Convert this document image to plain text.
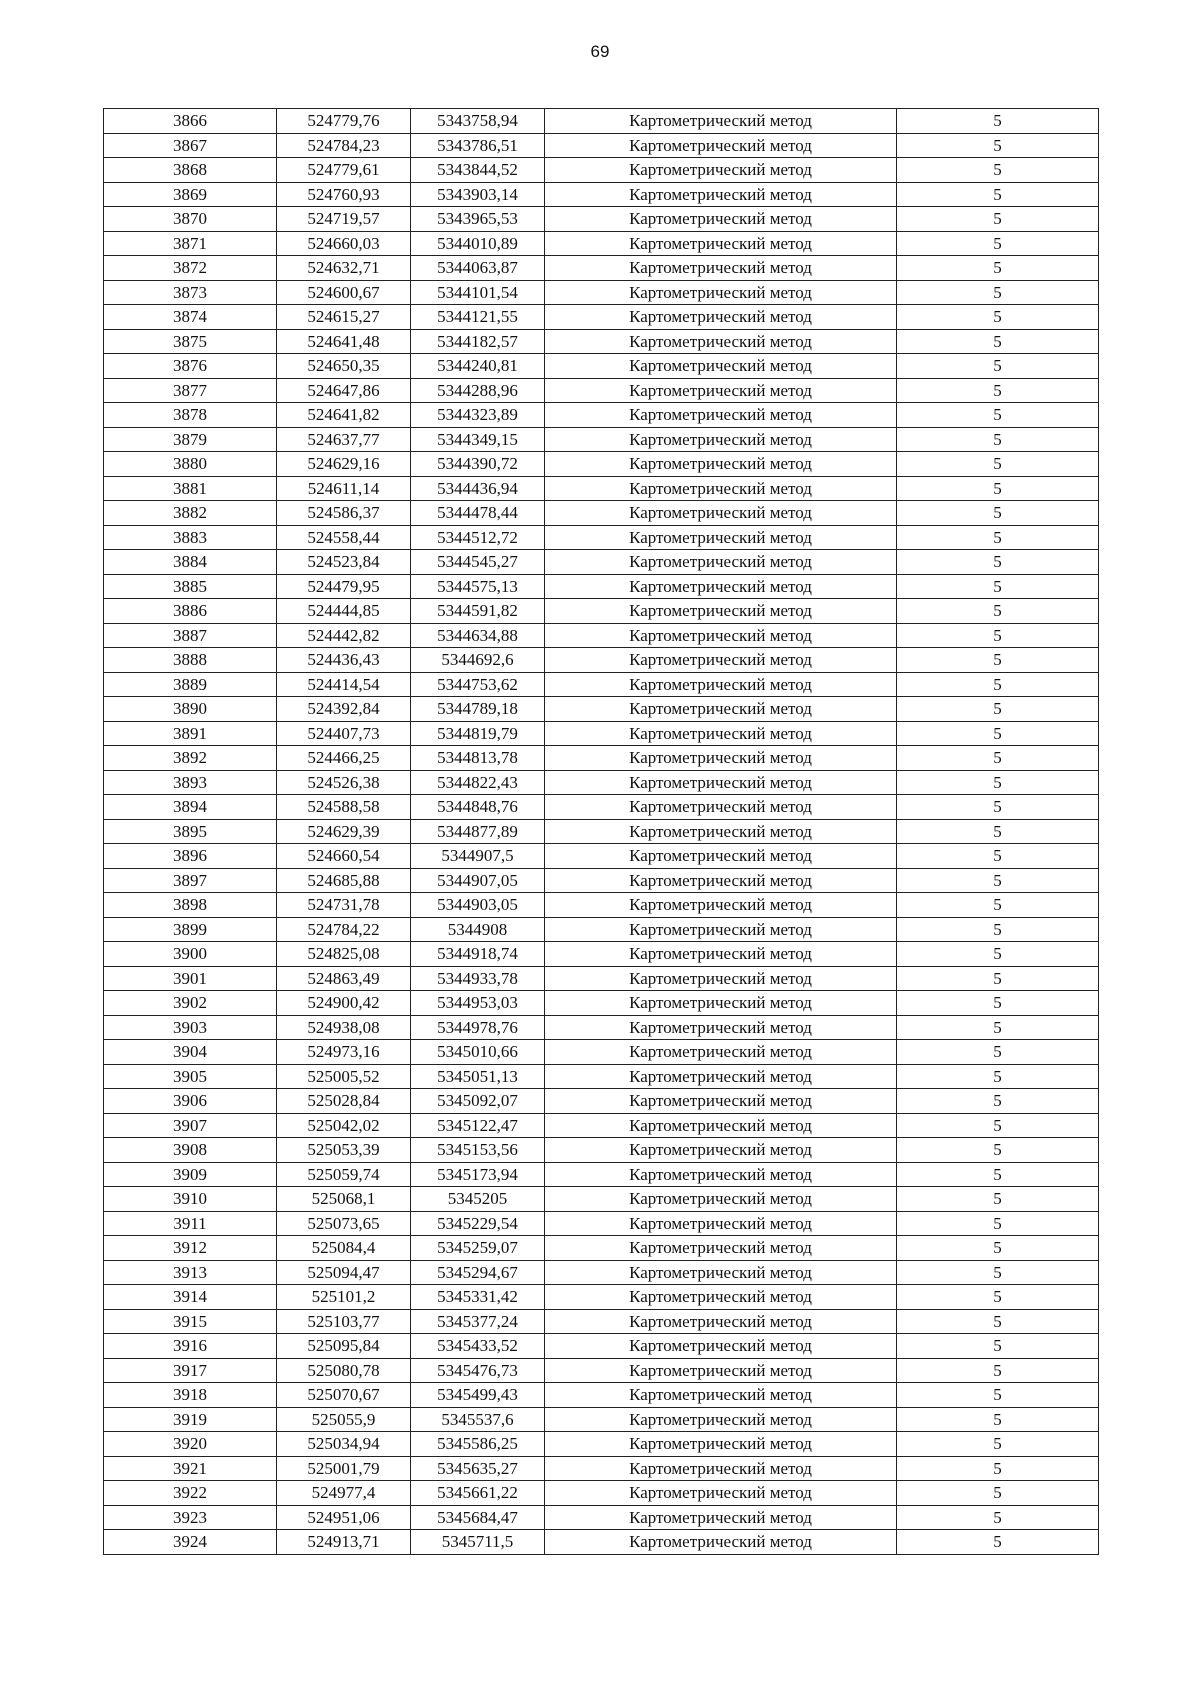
69
3866	524779,76	5343758,94	Картометрический метод	5
3867	524784,23	5343786,51	Картометрический метод	5
3868	524779,61	5343844,52	Картометрический метод	5
3869	524760,93	5343903,14	Картометрический метод	5
3870	524719,57	5343965,53	Картометрический метод	5
3871	524660,03	5344010,89	Картометрический метод	5
3872	524632,71	5344063,87	Картометрический метод	5
3873	524600,67	5344101,54	Картометрический метод	5
3874	524615,27	5344121,55	Картометрический метод	5
3875	524641,48	5344182,57	Картометрический метод	5
3876	524650,35	5344240,81	Картометрический метод	5
3877	524647,86	5344288,96	Картометрический метод	5
3878	524641,82	5344323,89	Картометрический метод	5
3879	524637,77	5344349,15	Картометрический метод	5
3880	524629,16	5344390,72	Картометрический метод	5
3881	524611,14	5344436,94	Картометрический метод	5
3882	524586,37	5344478,44	Картометрический метод	5
3883	524558,44	5344512,72	Картометрический метод	5
3884	524523,84	5344545,27	Картометрический метод	5
3885	524479,95	5344575,13	Картометрический метод	5
3886	524444,85	5344591,82	Картометрический метод	5
3887	524442,82	5344634,88	Картометрический метод	5
3888	524436,43	5344692,6	Картометрический метод	5
3889	524414,54	5344753,62	Картометрический метод	5
3890	524392,84	5344789,18	Картометрический метод	5
3891	524407,73	5344819,79	Картометрический метод	5
3892	524466,25	5344813,78	Картометрический метод	5
3893	524526,38	5344822,43	Картометрический метод	5
3894	524588,58	5344848,76	Картометрический метод	5
3895	524629,39	5344877,89	Картометрический метод	5
3896	524660,54	5344907,5	Картометрический метод	5
3897	524685,88	5344907,05	Картометрический метод	5
3898	524731,78	5344903,05	Картометрический метод	5
3899	524784,22	5344908	Картометрический метод	5
3900	524825,08	5344918,74	Картометрический метод	5
3901	524863,49	5344933,78	Картометрический метод	5
3902	524900,42	5344953,03	Картометрический метод	5
3903	524938,08	5344978,76	Картометрический метод	5
3904	524973,16	5345010,66	Картометрический метод	5
3905	525005,52	5345051,13	Картометрический метод	5
3906	525028,84	5345092,07	Картометрический метод	5
3907	525042,02	5345122,47	Картометрический метод	5
3908	525053,39	5345153,56	Картометрический метод	5
3909	525059,74	5345173,94	Картометрический метод	5
3910	525068,1	5345205	Картометрический метод	5
3911	525073,65	5345229,54	Картометрический метод	5
3912	525084,4	5345259,07	Картометрический метод	5
3913	525094,47	5345294,67	Картометрический метод	5
3914	525101,2	5345331,42	Картометрический метод	5
3915	525103,77	5345377,24	Картометрический метод	5
3916	525095,84	5345433,52	Картометрический метод	5
3917	525080,78	5345476,73	Картометрический метод	5
3918	525070,67	5345499,43	Картометрический метод	5
3919	525055,9	5345537,6	Картометрический метод	5
3920	525034,94	5345586,25	Картометрический метод	5
3921	525001,79	5345635,27	Картометрический метод	5
3922	524977,4	5345661,22	Картометрический метод	5
3923	524951,06	5345684,47	Картометрический метод	5
3924	524913,71	5345711,5	Картометрический метод	5
